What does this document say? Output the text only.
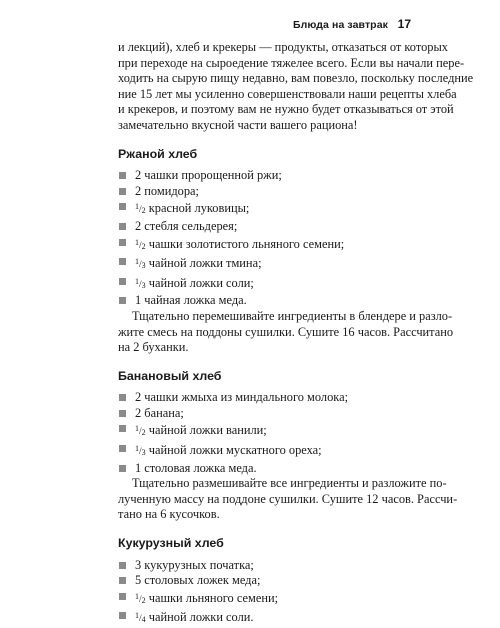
Блюда на завтрак 17

и лекций), хлеб и крекеры — продукты, отказаться от которых
при переходе на сыроедение тяжелее всего. Если вы начали пере-
ходить на сырую пищу недавно, вам повезло, поскольку последние
ние 15 лет мы усиленно совершенствовали наши рецепты хлеба
и крекеров, и поэтому вам не нужно будет отказываться от этой
замечательно вкусной части вашего рациона!

Ржаной хлеб
2 чашки пророщенной ржи;
2 помидора;
$^1/_2$ красной луковицы;
2 стебля сельдерея;
$^1/_2$ чашки золотистого льняного семени;
$^1/_3$ чайной ложки тмина;
$^1/_3$ чайной ложки соли;
1 чайная ложка меда.

Тщательно перемешивайте ингредиенты в блендере и разло-
жите смесь на поддоны сушилки. Сушите 16 часов. Рассчитано
на 2 буханки.

Банановый хлеб
2 чашки жмыха из миндального молока;
2 банана;
$^1/_2$ чайной ложки ванили;
$^1/_3$ чайной ложки мускатного ореха;
1 столовая ложка меда.

Тщательно размешивайте все ингредиенты и разложите по-
лученную массу на поддоне сушилки. Сушите 12 часов. Рассчи-
тано на 6 кусочков.

Кукурузный хлеб
3 кукурузных початка;
5 столовых ложек меда;
$^1/_2$ чашки льняного семени;
$^1/_4$ чайной ложки соли.
